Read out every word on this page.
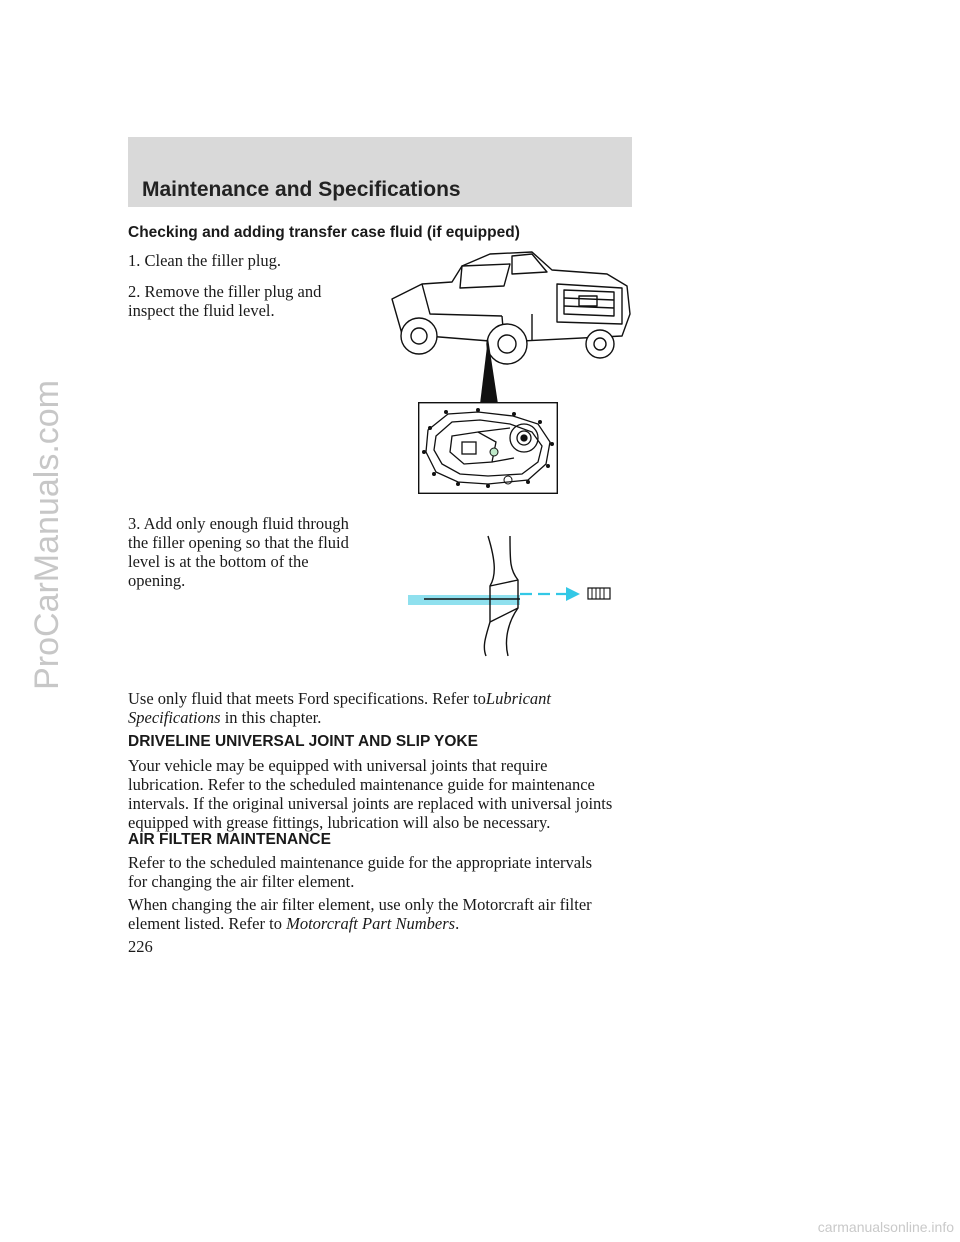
Maintenance and Specifications
Checking and adding transfer case fluid (if equipped)

1. Clean the filler plug.

2. Remove the filler plug and
inspect the fluid level.
3. Add only enough fluid through
the filler opening so that the fluid
level is at the bottom of the
opening.
Use only fluid that meets Ford specifications. Refer toLubricant
Specifications in this chapter.
DRIVELINE UNIVERSAL JOINT AND SLIP YOKE
Your vehicle may be equipped with universal joints that require
lubrication. Refer to the scheduled maintenance guide for maintenance
intervals. If the original universal joints are replaced with universal joints
equipped with grease fittings, lubrication will also be necessary.
AIR FILTER MAINTENANCE
Refer to the scheduled maintenance guide for the appropriate intervals
for changing the air filter element.
When changing the air filter element, use only the Motorcraft air filter
element listed. Refer to Motorcraft Part Numbers.

226

ProCarManuals.com

carmanualsonline.info
